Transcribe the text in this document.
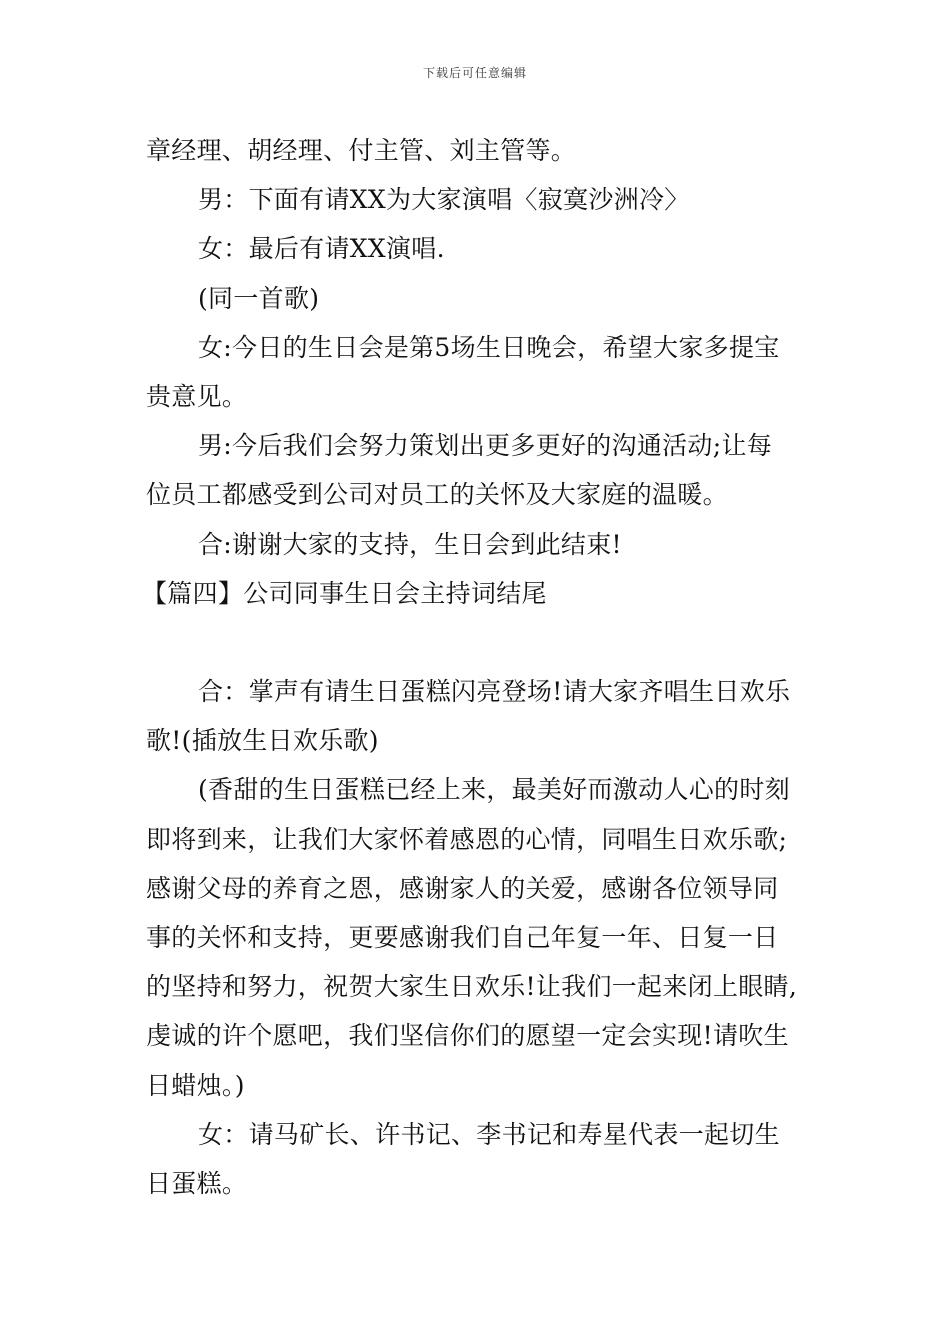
下载后可任意编辑

章经理、胡经理、付主管、刘主管等。

男：下面有请XX为大家演唱〈寂寞沙洲冷〉

女：最后有请XX演唱.

(同一首歌)

女:今日的生日会是第5场生日晚会，希望大家多提宝

贵意见。

男:今后我们会努力策划出更多更好的沟通活动;让每

位员工都感受到公司对员工的关怀及大家庭的温暖。

合:谢谢大家的支持，生日会到此结束!

【篇四】公司同事生日会主持词结尾

合：掌声有请生日蛋糕闪亮登场!请大家齐唱生日欢乐

歌!(插放生日欢乐歌)

(香甜的生日蛋糕已经上来，最美好而激动人心的时刻

即将到来，让我们大家怀着感恩的心情，同唱生日欢乐歌;

感谢父母的养育之恩，感谢家人的关爱，感谢各位领导同

事的关怀和支持，更要感谢我们自己年复一年、日复一日

的坚持和努力，祝贺大家生日欢乐!让我们一起来闭上眼睛,

虔诚的许个愿吧，我们坚信你们的愿望一定会实现!请吹生

日蜡烛。)

女：请马矿长、许书记、李书记和寿星代表一起切生

日蛋糕。
